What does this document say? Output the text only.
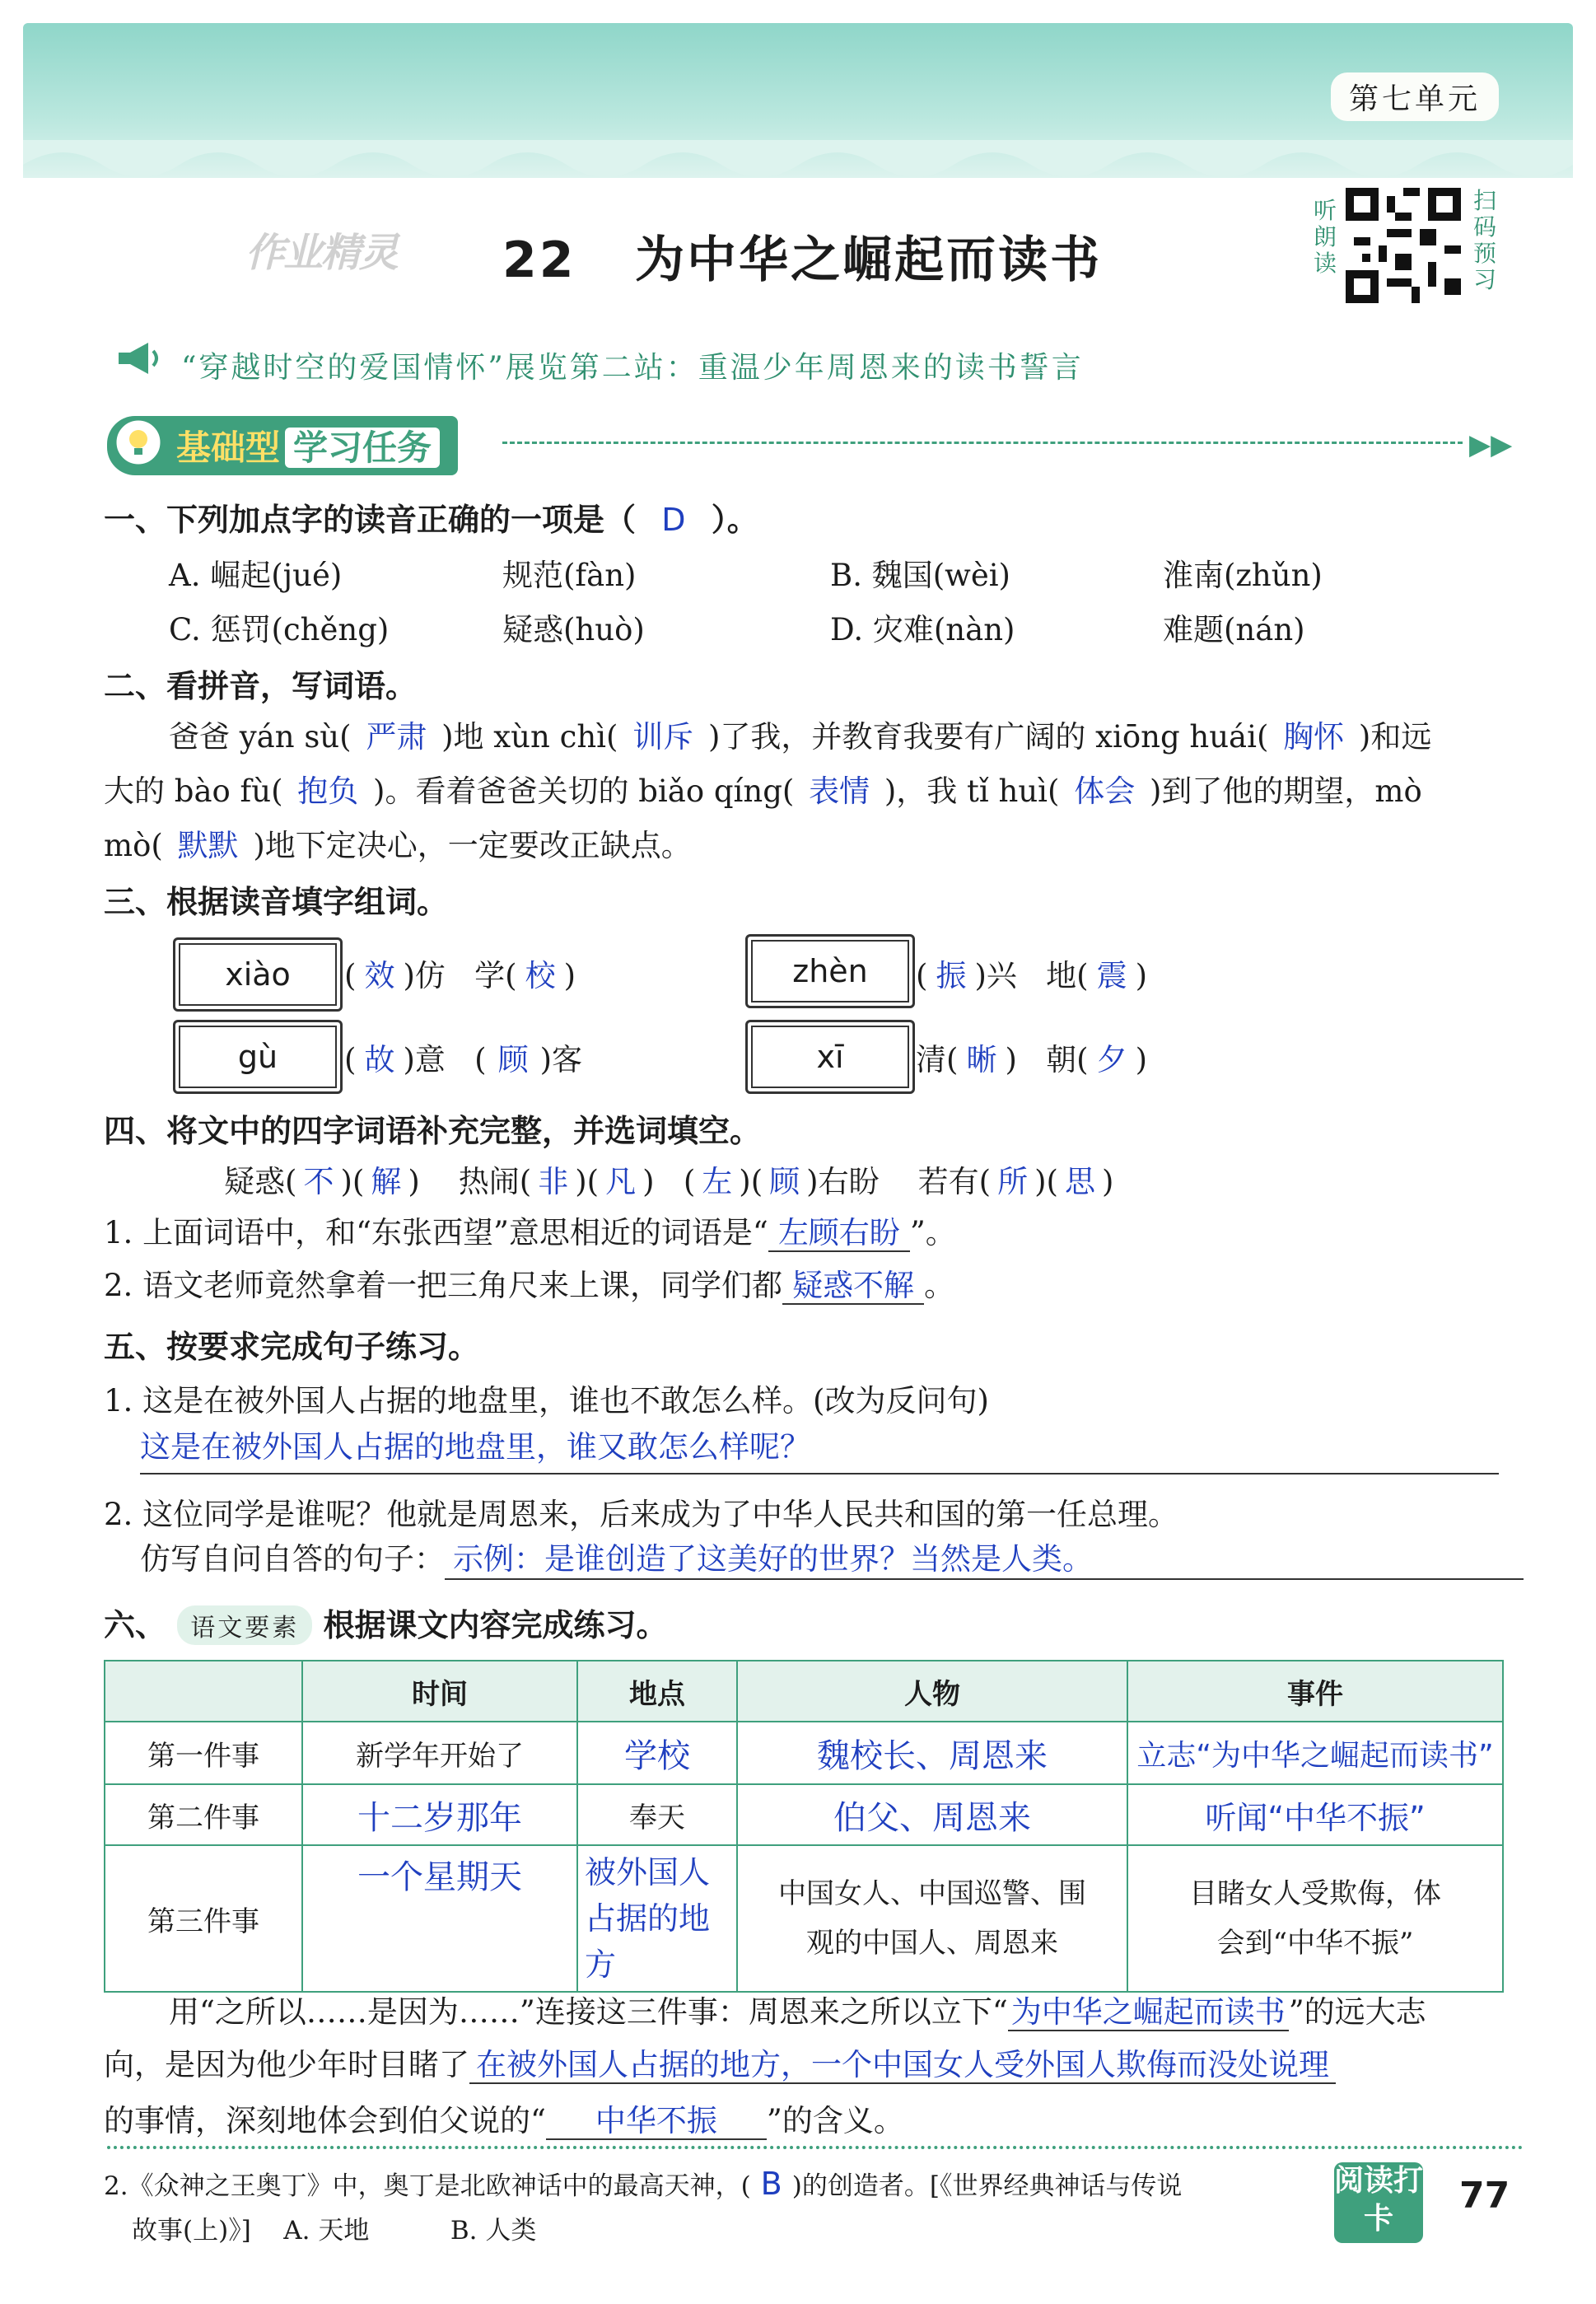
第七单元
作业精灵 22 为中华之崛起而读书
听朗读
扫码预习
“穿越时空的爱国情怀”展览第二站：重温少年周恩来的读书誓言
基础型 学习任务	▶▶
一、下列加点字的读音正确的一项是（ D ）。
A. 崛起(jué)	规范(fàn)	B. 魏国(wèi)	淮南(zhǔn)
C. 惩罚(chěng)	疑惑(huò)	D. 灾难(nàn)	难题(nán)
二、看拼音，写词语。
爸爸 yán sù( 严肃 )地 xùn chì( 训斥 )了我，并教育我要有广阔的 xiōng huái( 胸怀 )和远
大的 bào fù( 抱负 )。看着爸爸关切的 biǎo qíng( 表情 )，我 tǐ huì( 体会 )到了他的期望，mò
mò( 默默 )地下定决心，一定要改正缺点。
三、根据读音填字组词。
xiào	( 效 )仿 学( 校 )	zhèn	( 振 )兴 地( 震 )
gù	( 故 )意 ( 顾 )客	xī	清( 晰 ) 朝( 夕 )
四、将文中的四字词语补充完整，并选词填空。
疑惑( 不 )( 解 ) 热闹( 非 )( 凡 ) ( 左 )( 顾 )右盼 若有( 所 )( 思 )
1. 上面词语中，和“东张西望”意思相近的词语是“ 左顾右盼 ”。
2. 语文老师竟然拿着一把三角尺来上课，同学们都 疑惑不解 。
五、按要求完成句子练习。
1. 这是在被外国人占据的地盘里，谁也不敢怎么样。(改为反问句)
这是在被外国人占据的地盘里，谁又敢怎么样呢？
2. 这位同学是谁呢？他就是周恩来，后来成为了中华人民共和国的第一任总理。
仿写自问自答的句子： 示例：是谁创造了这美好的世界？当然是人类。
六、 语文要素 根据课文内容完成练习。
	时间	地点	人物	事件
第一件事	新学年开始了	学校	魏校长、周恩来	立志“为中华之崛起而读书”
第二件事	十二岁那年	奉天	伯父、周恩来	听闻“中华不振”
第三件事	一个星期天	被外国人占据的地方	中国女人、中国巡警、围观的中国人、周恩来	目睹女人受欺侮，体会到“中华不振”
用“之所以……是因为……”连接这三件事：周恩来之所以立下“ 为中华之崛起而读书 ”的远大志
向，是因为他少年时目睹了 在被外国人占据的地方，一个中国女人受外国人欺侮而没处说理
的事情，深刻地体会到伯父说的“ 中华不振 ”的含义。
2.《众神之王奥丁》中，奥丁是北欧神话中的最高天神，( B )的创造者。[《世界经典神话与传说
故事(上)》] A. 天地	B. 人类
阅读打卡
77
